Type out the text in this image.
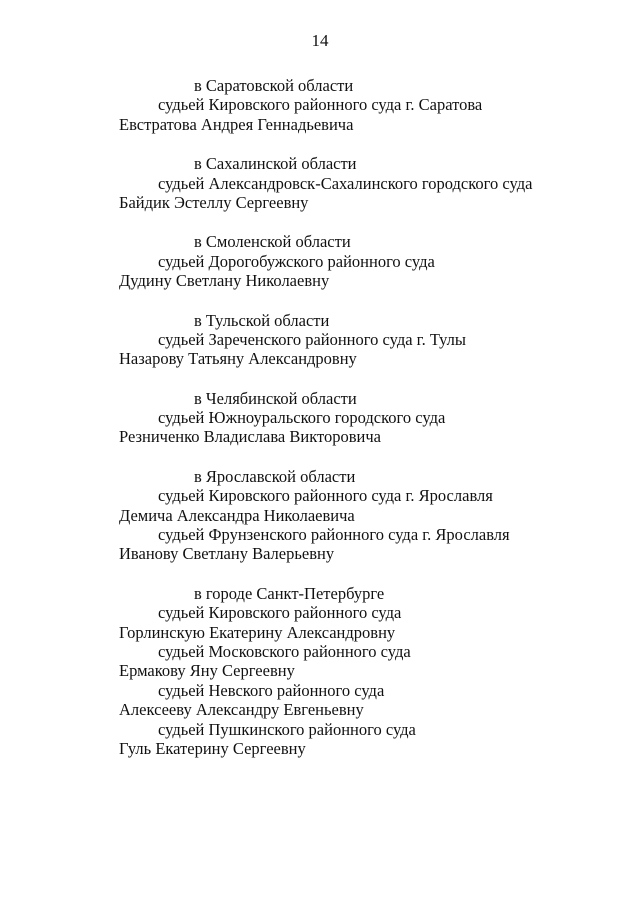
14
в Саратовской области
судьей Кировского районного суда г. Саратова
Евстратова Андрея Геннадьевича
в Сахалинской области
судьей Александровск-Сахалинского городского суда
Байдик Эстеллу Сергеевну
в Смоленской области
судьей Дорогобужского районного суда
Дудину Светлану Николаевну
в Тульской области
судьей Зареченского районного суда г. Тулы
Назарову Татьяну Александровну
в Челябинской области
судьей Южноуральского городского суда
Резниченко Владислава Викторовича
в Ярославской области
судьей Кировского районного суда г. Ярославля
Демича Александра Николаевича
судьей Фрунзенского районного суда г. Ярославля
Иванову Светлану Валерьевну
в городе Санкт-Петербурге
судьей Кировского районного суда
Горлинскую Екатерину Александровну
судьей Московского районного суда
Ермакову Яну Сергеевну
судьей Невского районного суда
Алексееву Александру Евгеньевну
судьей Пушкинского районного суда
Гуль Екатерину Сергеевну
